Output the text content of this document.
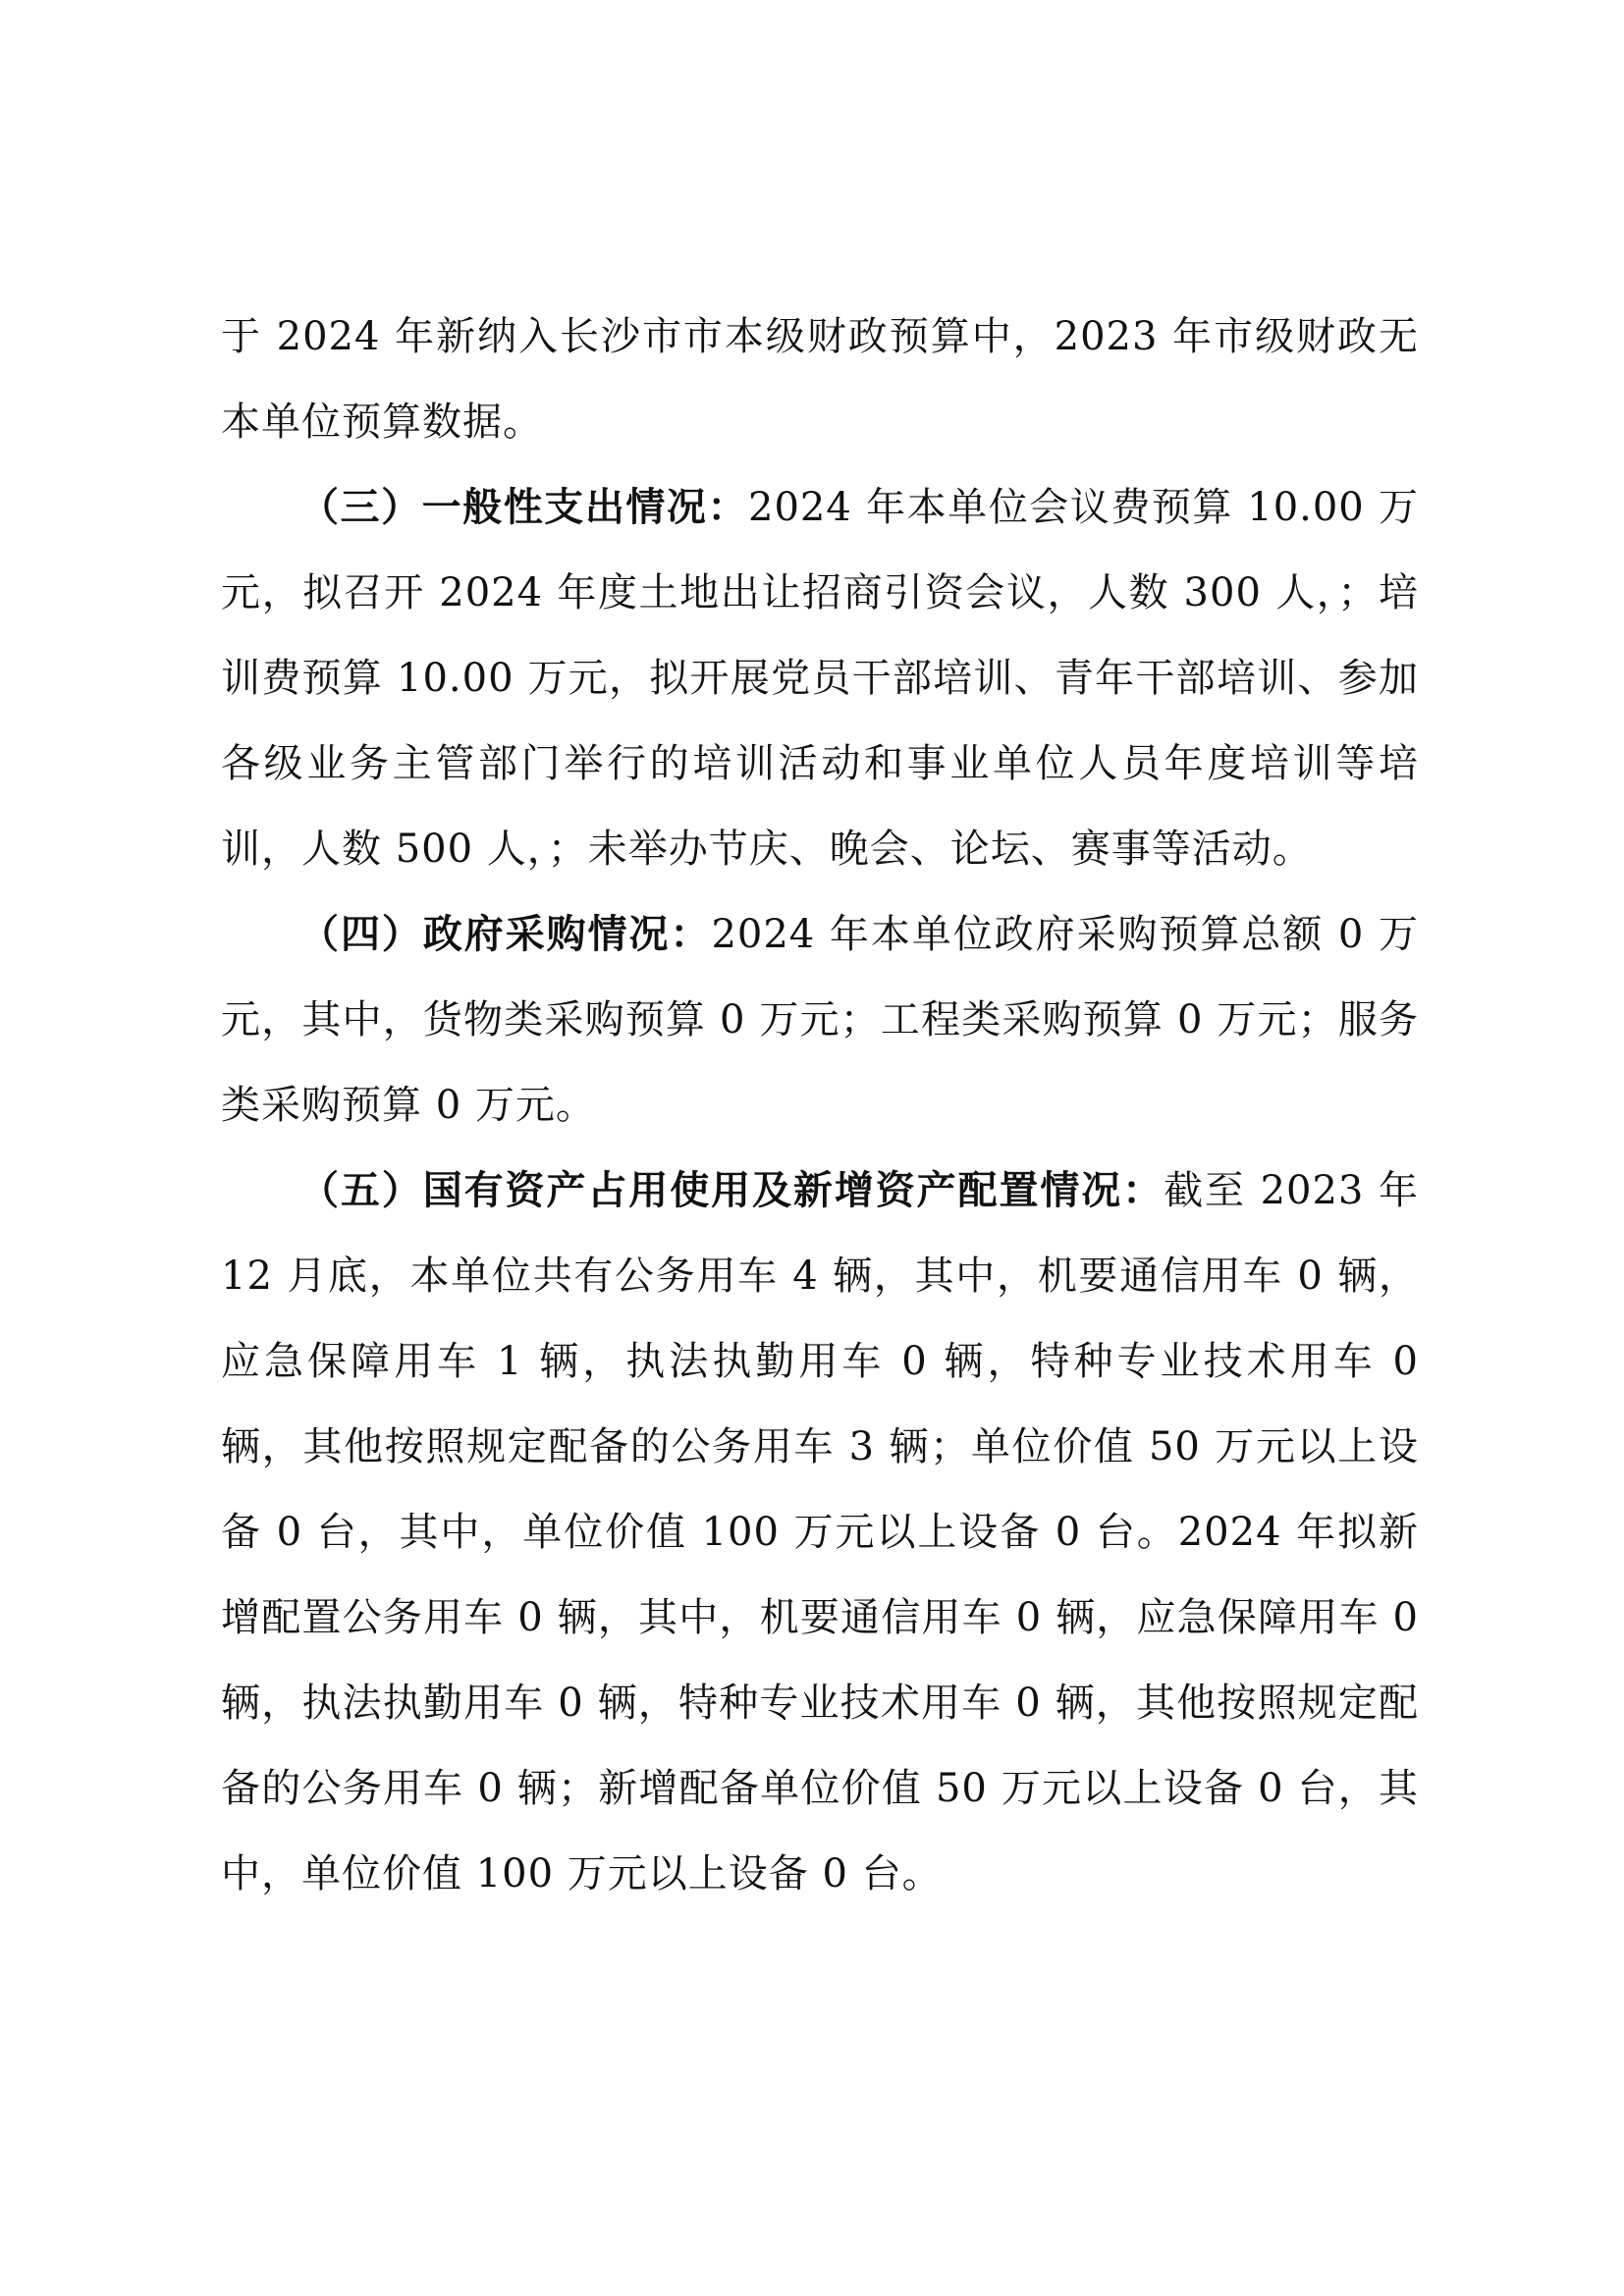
于 2024 年新纳入长沙市市本级财政预算中，2023 年市级财政无本单位预算数据。

（三）一般性支出情况：2024 年本单位会议费预算 10.00 万元，拟召开 2024 年度土地出让招商引资会议，人数 300 人，；培训费预算 10.00 万元，拟开展党员干部培训、青年干部培训、参加各级业务主管部门举行的培训活动和事业单位人员年度培训等培训，人数 500 人，；未举办节庆、晚会、论坛、赛事等活动。

（四）政府采购情况：2024 年本单位政府采购预算总额 0 万元，其中，货物类采购预算 0 万元；工程类采购预算 0 万元；服务类采购预算 0 万元。

（五）国有资产占用使用及新增资产配置情况：截至 2023 年 12 月底，本单位共有公务用车 4 辆，其中，机要通信用车 0 辆，应急保障用车 1 辆，执法执勤用车 0 辆，特种专业技术用车 0 辆，其他按照规定配备的公务用车 3 辆；单位价值 50 万元以上设备 0 台，其中，单位价值 100 万元以上设备 0 台。2024 年拟新增配置公务用车 0 辆，其中，机要通信用车 0 辆，应急保障用车 0 辆，执法执勤用车 0 辆，特种专业技术用车 0 辆，其他按照规定配备的公务用车 0 辆；新增配备单位价值 50 万元以上设备 0 台，其中，单位价值 100 万元以上设备 0 台。
